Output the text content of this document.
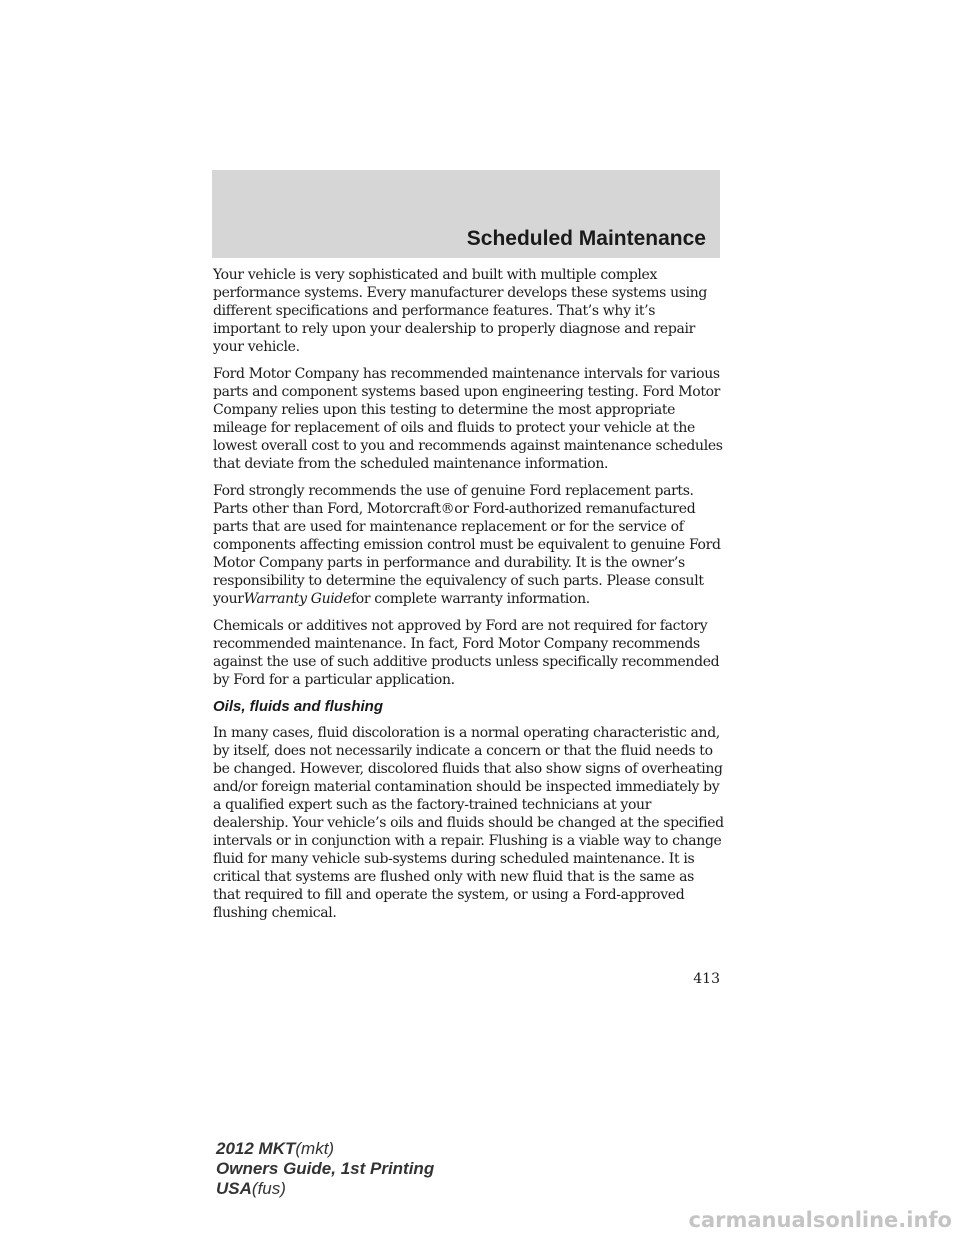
Scheduled Maintenance

Your vehicle is very sophisticated and built with multiple complex performance systems. Every manufacturer develops these systems using different specifications and performance features. That’s why it’s important to rely upon your dealership to properly diagnose and repair your vehicle.

Ford Motor Company has recommended maintenance intervals for various parts and component systems based upon engineering testing. Ford Motor Company relies upon this testing to determine the most appropriate mileage for replacement of oils and fluids to protect your vehicle at the lowest overall cost to you and recommends against maintenance schedules that deviate from the scheduled maintenance information.

Ford strongly recommends the use of genuine Ford replacement parts. Parts other than Ford, Motorcraft®or Ford-authorized remanufactured parts that are used for maintenance replacement or for the service of components affecting emission control must be equivalent to genuine Ford Motor Company parts in performance and durability. It is the owner’s responsibility to determine the equivalency of such parts. Please consult yourWarranty Guidefor complete warranty information.

Chemicals or additives not approved by Ford are not required for factory recommended maintenance. In fact, Ford Motor Company recommends against the use of such additive products unless specifically recommended by Ford for a particular application.

Oils, fluids and flushing

In many cases, fluid discoloration is a normal operating characteristic and, by itself, does not necessarily indicate a concern or that the fluid needs to be changed. However, discolored fluids that also show signs of overheating and/or foreign material contamination should be inspected immediately by a qualified expert such as the factory-trained technicians at your dealership. Your vehicle’s oils and fluids should be changed at the specified intervals or in conjunction with a repair. Flushing is a viable way to change fluid for many vehicle sub-systems during scheduled maintenance. It is critical that systems are flushed only with new fluid that is the same as that required to fill and operate the system, or using a Ford-approved flushing chemical.

413
2012 MKT(mkt)
Owners Guide, 1st Printing
USA(fus)
carmanualsonline.info
